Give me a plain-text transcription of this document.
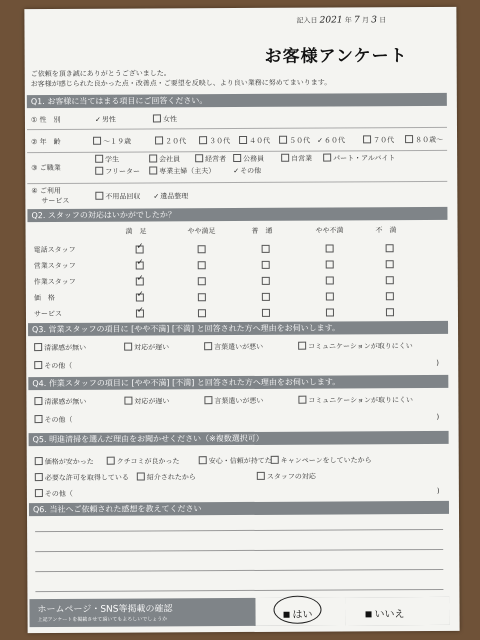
記入日 2021 年 7 月 3 日
お客様アンケート
ご依頼を頂き誠にありがとうございました。
お客様が感じられた良かった点・改善点・ご要望を反映し、より良い業務に努めてまいります。
Q1. お客様に当てはまる項目にご回答ください。
① 性　別	✓男性	女性
② 年　齢	～１９歳	２０代	３０代	４０代	５０代 ✓６０代	７０代	８０歳～
③ ご職業
学生	会社員	経営者	公務員	自営業	パート・アルバイト
フリーター	専業主婦（主夫）	✓その他
④ ご利用
サービス
不用品回収 ✓遺品整理
Q2. スタッフの対応はいかがでしたか？
満　足	やや満足	普　通	やや不満	不　満
電話スタッフ	✓
営業スタッフ	✓
作業スタッフ	✓
価　格	✓
サービス	✓
Q3. 営業スタッフの項目に [やや不満] [不満] と回答された方へ理由をお伺いします。
Q4. 作業スタッフの項目に [やや不満] [不満] と回答された方へ理由をお伺いします。
Q5. 明進清掃を選んだ理由をお聞かせください（※複数選択可）
Q6. 当社へご依頼された感想を教えてください
ホームページ・SNS等掲載の確認
上記アンケートを掲載させて頂いてもよろしいでしょうか	はい	いいえ
清潔感が無い	対応が遅い	言葉遣いが悪い	コミュニケーションが取りにくい
その他（	)
清潔感が無い	対応が遅い	言葉遣いが悪い	コミュニケーションが取りにくい
その他（	)
価格が安かった	クチコミが良かった	安心・信頼が持てた	キャンペーンをしていたから
必要な許可を取得している	紹介されたから	スタッフの対応
その他（	)
